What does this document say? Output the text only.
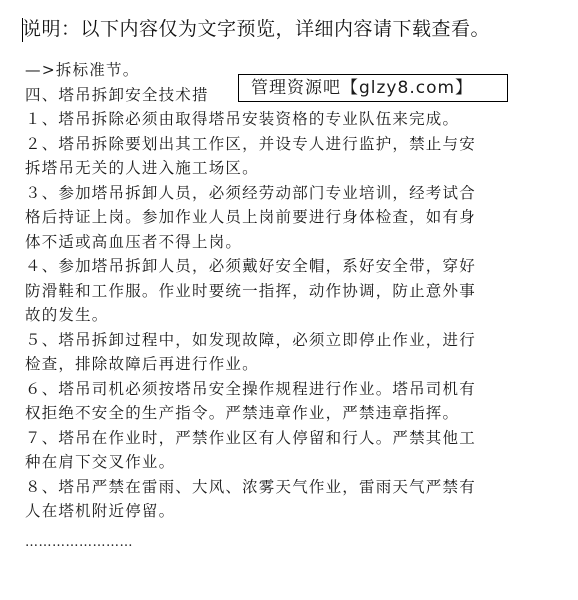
说明：以下内容仅为文字预览，详细内容请下载查看。

—>拆标准节。

四、塔吊拆卸安全技术措

１、塔吊拆除必须由取得塔吊安装资格的专业队伍来完成。

２、塔吊拆除要划出其工作区，并设专人进行监护，禁止与安

拆塔吊无关的人进入施工场区。

３、参加塔吊拆卸人员，必须经劳动部门专业培训，经考试合

格后持证上岗。参加作业人员上岗前要进行身体检查，如有身

体不适或高血压者不得上岗。

４、参加塔吊拆卸人员，必须戴好安全帽，系好安全带，穿好

防滑鞋和工作服。作业时要统一指挥，动作协调，防止意外事

故的发生。

５、塔吊拆卸过程中，如发现故障，必须立即停止作业，进行

检查，排除故障后再进行作业。

６、塔吊司机必须按塔吊安全操作规程进行作业。塔吊司机有

权拒绝不安全的生产指令。严禁违章作业，严禁违章指挥。

７、塔吊在作业时，严禁作业区有人停留和行人。严禁其他工

种在肩下交叉作业。

８、塔吊严禁在雷雨、大风、浓雾天气作业，雷雨天气严禁有

人在塔机附近停留。

管理资源吧【glzy8.com】
……………………
